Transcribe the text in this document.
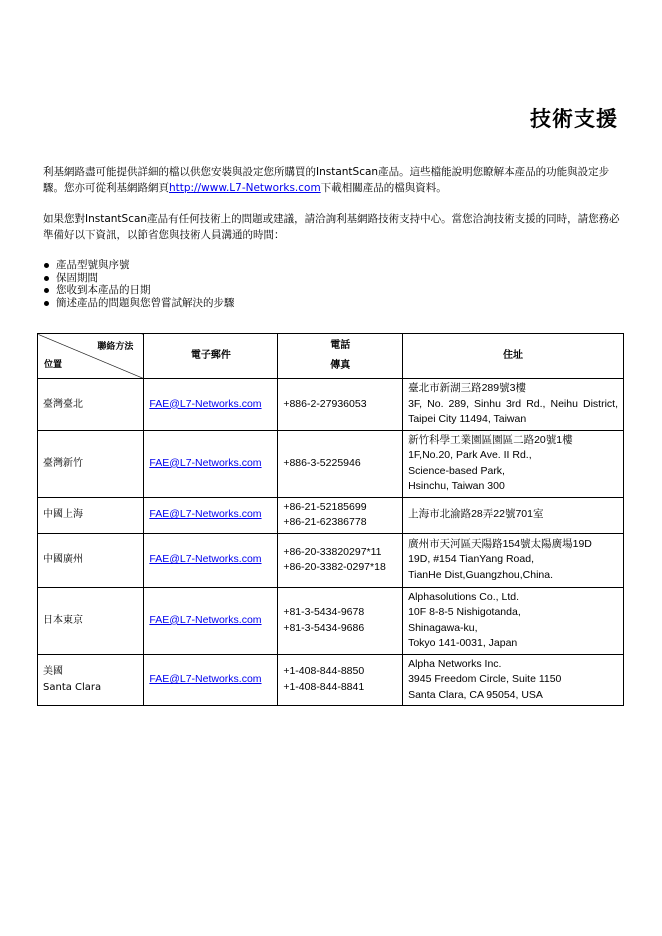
技術支援
利基網路盡可能提供詳細的檔以供您安裝與設定您所購買的InstantScan產品。這些檔能說明您瞭解本產品的功能與設定步驟。您亦可從利基網路網頁http://www.L7-Networks.com下載相關產品的檔與資料。
如果您對InstantScan產品有任何技術上的問題或建議，請洽詢利基網路技術支持中心。當您洽詢技術支援的同時，請您務必準備好以下資訊，以節省您與技術人員溝通的時間：
產品型號與序號
保固期間
您收到本產品的日期
簡述產品的問題與您曾嘗試解決的步驟
聯絡方法
位置	電子郵件	電話
傳真	住址

臺灣臺北	FAE@L7-Networks.com	+886-2-27936053	臺北市新湖三路289號3樓
3F, No. 289, Sinhu 3rd Rd., Neihu District, Taipei City 11494, Taiwan

臺灣新竹	FAE@L7-Networks.com	+886-3-5225946	新竹科學工業園區園區二路20號1樓
1F,No.20, Park Ave. II Rd.,
Science-based Park,
Hsinchu, Taiwan 300

中國上海	FAE@L7-Networks.com	+86-21-52185699
+86-21-62386778	上海市北渝路28弄22號701室

中國廣州	FAE@L7-Networks.com	+86-20-33820297*11
+86-20-3382-0297*18	廣州市天河區天陽路154號太陽廣場19D
19D, #154 TianYang Road,
TianHe Dist,Guangzhou,China.

日本東京	FAE@L7-Networks.com	+81-3-5434-9678
+81-3-5434-9686	Alphasolutions Co., Ltd.
10F 8-8-5 Nishigotanda,
Shinagawa-ku,
Tokyo 141-0031, Japan

美國
Santa Clara	FAE@L7-Networks.com	+1-408-844-8850
+1-408-844-8841	Alpha Networks Inc.
3945 Freedom Circle, Suite 1150
Santa Clara, CA 95054, USA
